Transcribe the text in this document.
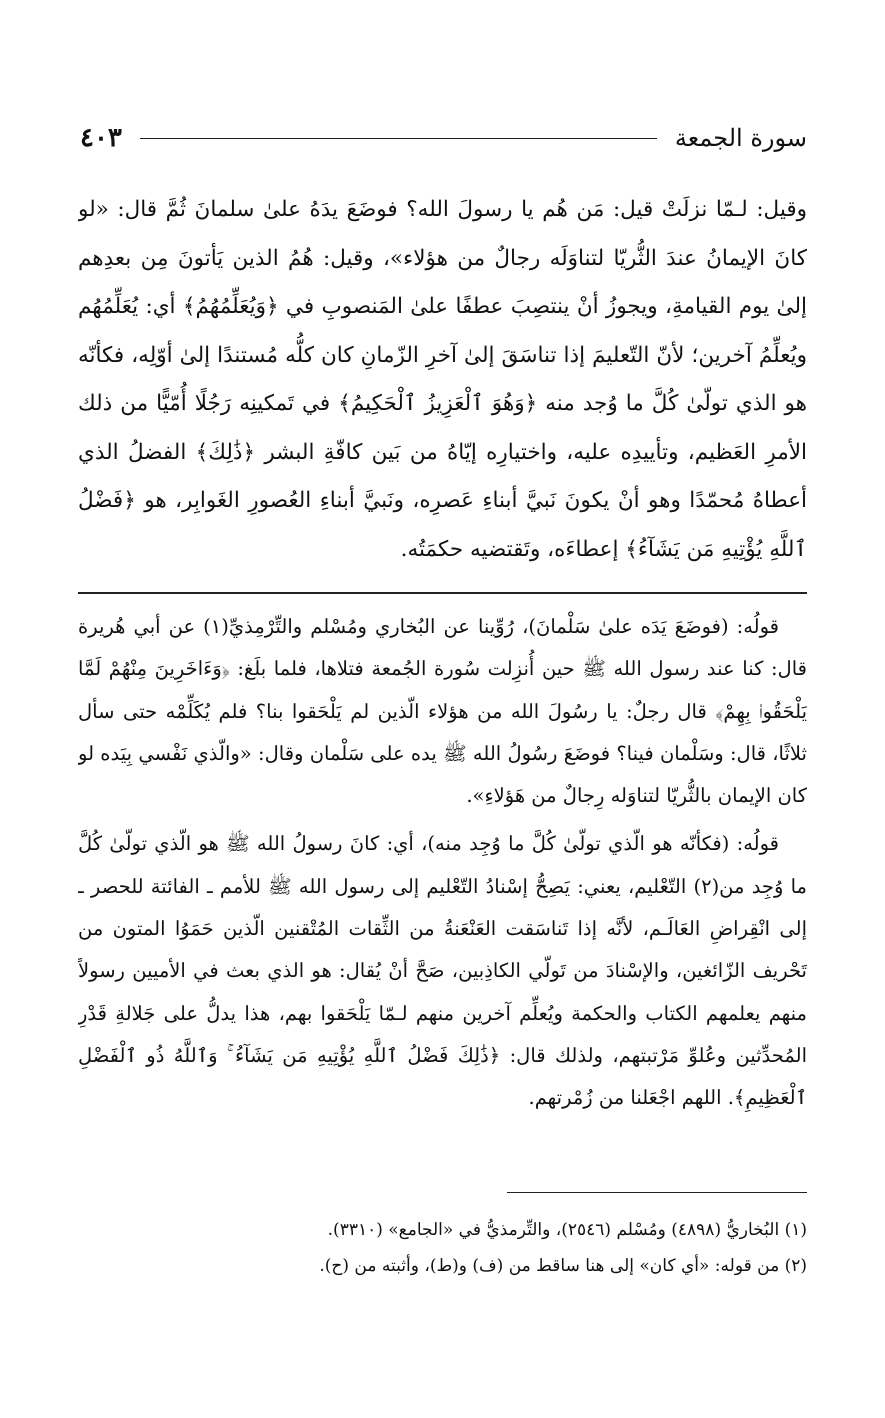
سورة الجمعة
٤٠٣
وقيل: لـمّا نزلَتْ قيل: مَن هُم يا رسولَ الله؟ فوضَعَ يدَهُ علىٰ سلمانَ ثُمَّ قال: «لو كانَ الإيمانُ عندَ الثُّريّا لتناوَلَه رجالٌ من هؤلاء»، وقيل: هُمُ الذين يَأتونَ مِن بعدِهم إلىٰ يوم القيامةِ، ويجوزُ أنْ ينتصِبَ عطفًا علىٰ المَنصوبِ في ﴿وَيُعَلِّمُهُمُ﴾ أي: يُعَلِّمُهُم ويُعلِّمُ آخرين؛ لأنّ التّعليمَ إذا تناسَقَ إلىٰ آخرِ الزّمانِ كان كلُّه مُستندًا إلىٰ أوّلِه، فكأنّه هو الذي تولّىٰ كُلَّ ما وُجد منه ﴿وَهُوَ ٱلْعَزِيزُ ٱلْحَكِيمُ﴾ في تَمكينِه رَجُلًا أُمّيًّا من ذلك الأمرِ العَظيم، وتأييدِه عليه، واختيارِه إيّاهُ من بَين كافّةِ البشر ﴿ذَٰلِكَ﴾ الفضلُ الذي أعطاهُ مُحمّدًا وهو أنْ يكونَ نَبيَّ أبناءِ عَصرِه، ونَبيَّ أبناءِ العُصورِ الغَوابِر، هو ﴿فَضْلُ ٱللَّهِ يُؤْتِيهِ مَن يَشَآءُ﴾ إعطاءَه، وتَقتضيه حكمَتُه.

قولُه: (فوضَعَ يَدَه علىٰ سَلْمانَ)، رُوِّينا عن البُخاري ومُسْلم والتِّرْمِذيِّ(١) عن أبي هُريرة قال: كنا عند رسول الله ﷺ حين أُنزِلت سُورة الجُمعة فتلاها، فلما بلَغ: ﴿وَءَاخَرِينَ مِنْهُمْ لَمَّا يَلْحَقُوا۟ بِهِمْ﴾ قال رجلٌ: يا رسُولَ الله من هؤلاء الّذين لم يَلْحَقوا بنا؟ فلم يُكَلِّمْه حتى سأل ثلاثًا، قال: وسَلْمان فينا؟ فوضَعَ رسُولُ الله ﷺ يده على سَلْمان وقال: «والّذي نَفْسي بِيَده لو كان الإيمان بالثُّريّا لتناوَله رِجالٌ من هَؤلاءِ».

قولُه: (فكأنّه هو الّذي تولّىٰ كُلَّ ما وُجِد منه)، أي: كانَ رسولُ الله ﷺ هو الّذي تولّىٰ كُلَّ ما وُجِد من(٢) التّعْليم، يعني: يَصِحُّ إسْنادُ التّعْليم إلى رسول الله ﷺ للأمم ـ الفائتة للحصر ـ إلى انْقِراضِ العَالَـم، لأنَّه إذا تَناسَقت العَنْعَنةُ من الثِّقات المُتْقنين الّذين حَمَوُا المتون من تَحْريف الزّائغين، والإسْنادَ من تَولّي الكاذِبين، صَحَّ أنْ يُقال: هو الذي بعث في الأميين رسولاً منهم يعلمهم الكتاب والحكمة ويُعلِّم آخرين منهم لـمّا يَلْحَقوا بهم، هذا يدلُّ على جَلالةِ قَدْرِ المُحدِّثين وعُلوِّ مَرْتبتهم، ولذلك قال: ﴿ذَٰلِكَ فَضْلُ ٱللَّهِ يُؤْتِيهِ مَن يَشَآءُ ۚ وَٱللَّهُ ذُو ٱلْفَضْلِ ٱلْعَظِيمِ﴾. اللهم اجْعَلنا من زُمْرتهم.

(١) البُخاريُّ (٤٨٩٨) ومُسْلم (٢٥٤٦)، والتِّرمذيُّ في «الجامع» (٣٣١٠).
(٢) من قوله: «أي كان» إلى هنا ساقط من (ف) و(ط)، وأثبته من (ح).
